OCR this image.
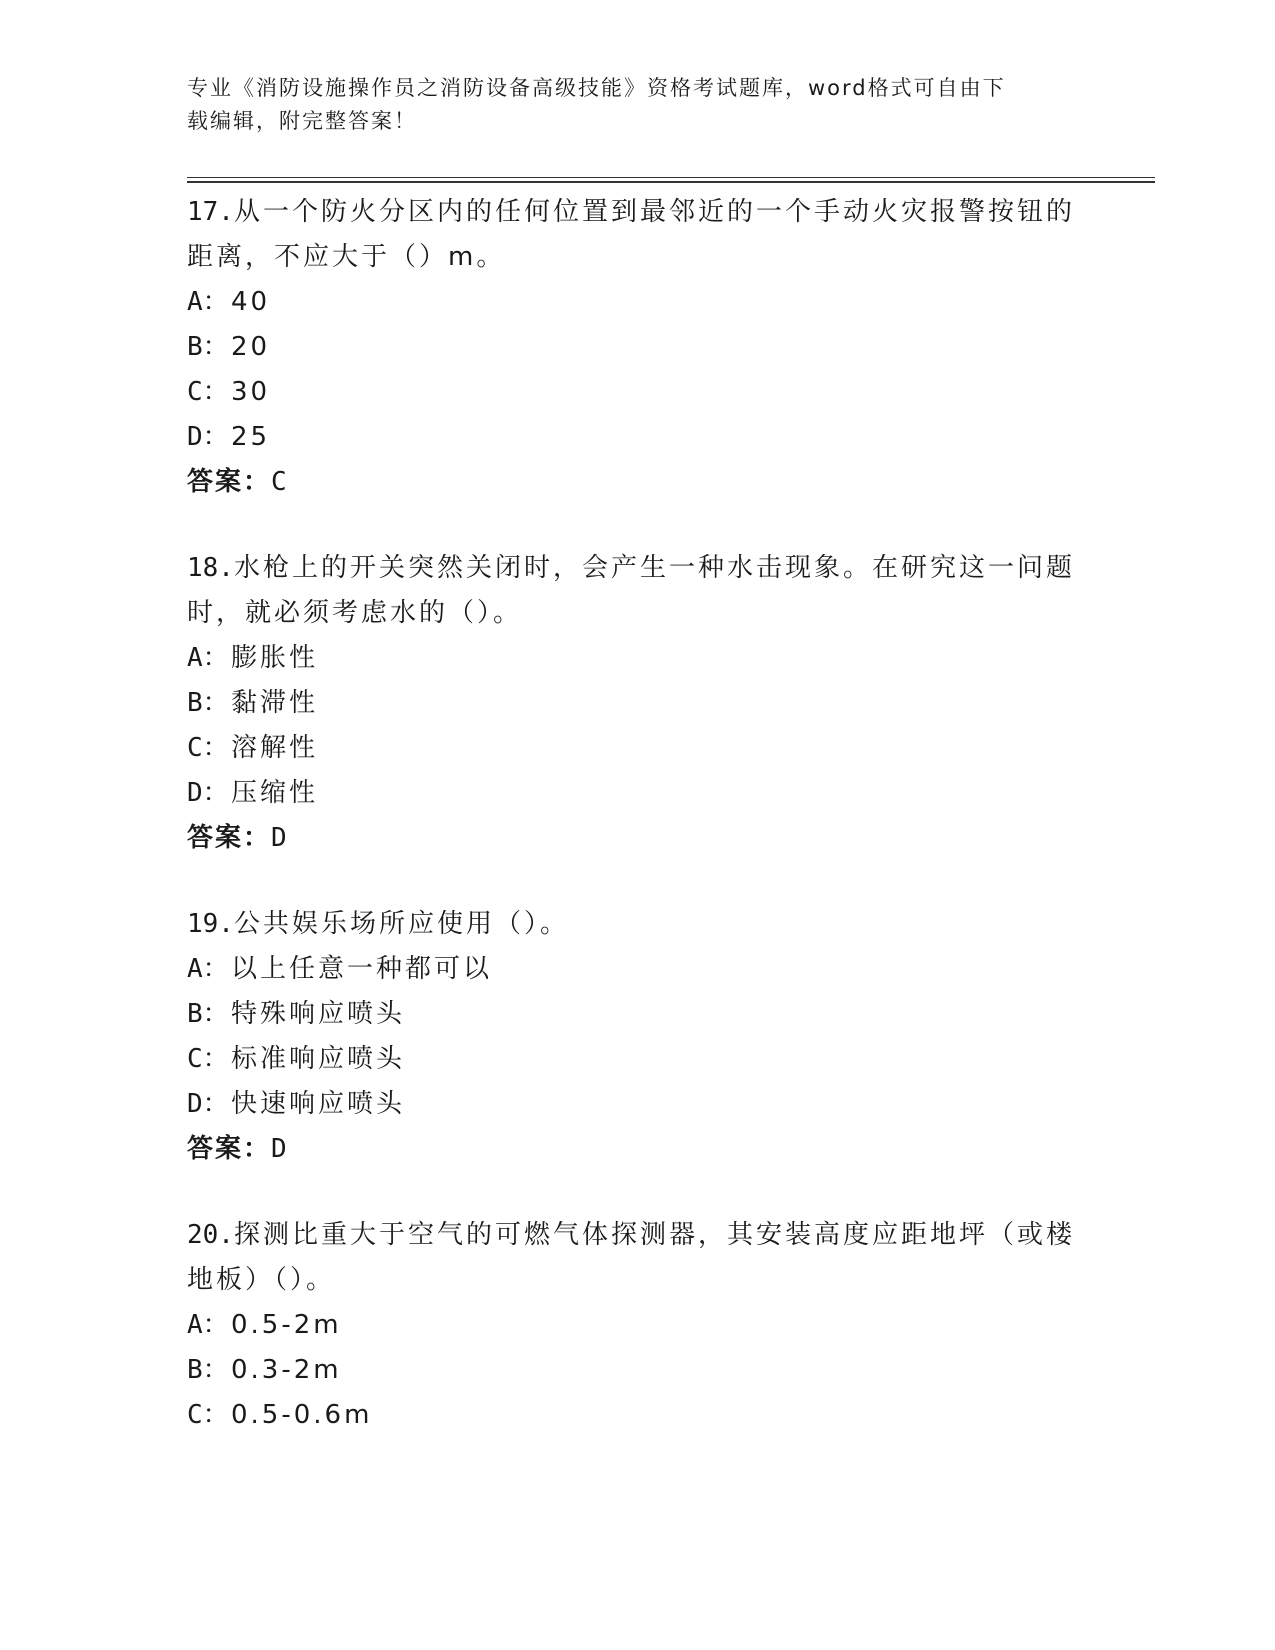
专业《消防设施操作员之消防设备高级技能》资格考试题库，word格式可自由下
载编辑，附完整答案！

17.从一个防火分区内的任何位置到最邻近的一个手动火灾报警按钮的距离，不应大于（）m。

A：40

B：20

C：30

D：25

答案：C

18.水枪上的开关突然关闭时，会产生一种水击现象。在研究这一问题时，就必须考虑水的（）。

A：膨胀性

B：黏滞性

C：溶解性

D：压缩性

答案：D

19.公共娱乐场所应使用（）。

A：以上任意一种都可以

B：特殊响应喷头

C：标准响应喷头

D：快速响应喷头

答案：D

20.探测比重大于空气的可燃气体探测器，其安装高度应距地坪（或楼地板）（）。

A：0.5-2m

B：0.3-2m

C：0.5-0.6m
